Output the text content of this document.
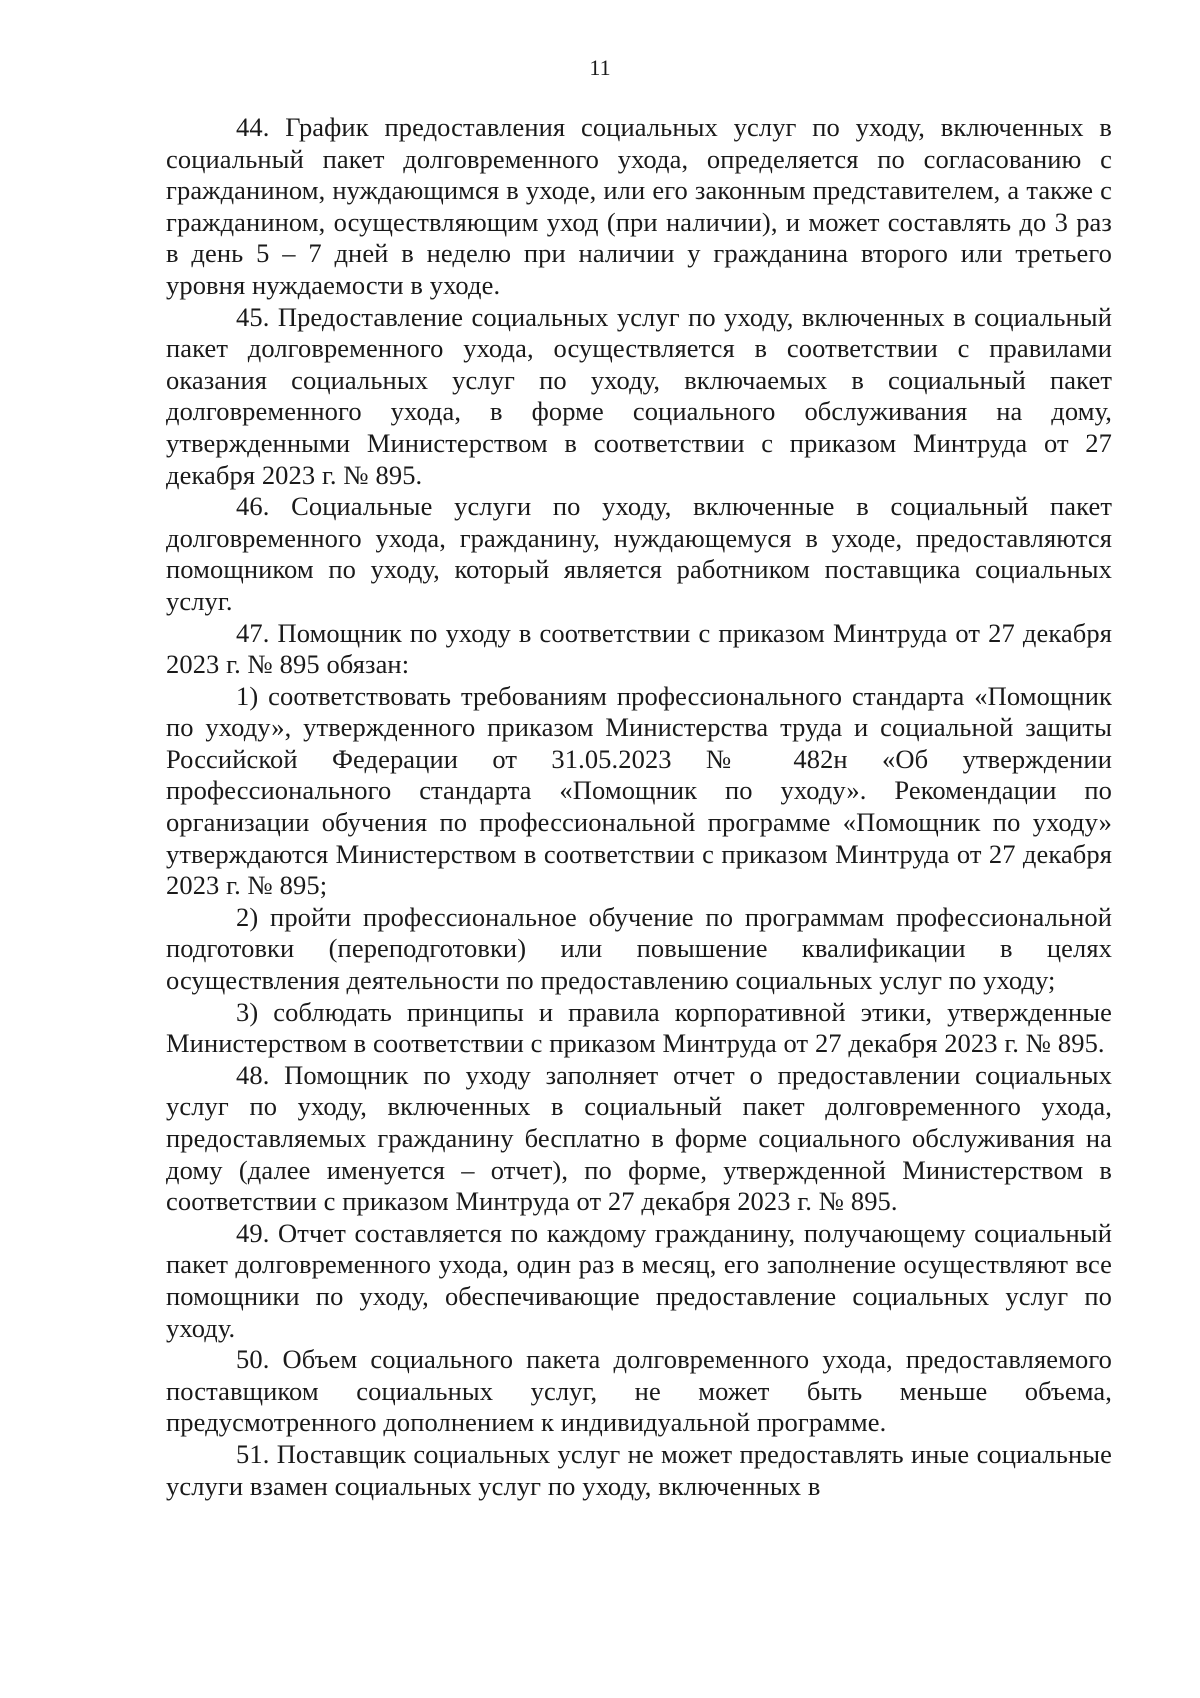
11

44. График предоставления социальных услуг по уходу, включенных в социальный пакет долговременного ухода, определяется по согласованию с гражданином, нуждающимся в уходе, или его законным представителем, а также с гражданином, осуществляющим уход (при наличии), и может составлять до 3 раз в день 5 – 7 дней в неделю при наличии у гражданина второго или третьего уровня нуждаемости в уходе.

45. Предоставление социальных услуг по уходу, включенных в социальный пакет долговременного ухода, осуществляется в соответствии с правилами оказания социальных услуг по уходу, включаемых в социальный пакет долговременного ухода, в форме социального обслуживания на дому, утвержденными Министерством в соответствии с приказом Минтруда от 27 декабря 2023 г. № 895.

46. Социальные услуги по уходу, включенные в социальный пакет долговременного ухода, гражданину, нуждающемуся в уходе, предоставляются помощником по уходу, который является работником поставщика социальных услуг.

47. Помощник по уходу в соответствии с приказом Минтруда от 27 декабря 2023 г. № 895 обязан:

1) соответствовать требованиям профессионального стандарта «Помощник по уходу», утвержденного приказом Министерства труда и социальной защиты Российской Федерации от 31.05.2023 № 482н «Об утверждении профессионального стандарта «Помощник по уходу». Рекомендации по организации обучения по профессиональной программе «Помощник по уходу» утверждаются Министерством в соответствии с приказом Минтруда от 27 декабря 2023 г. № 895;

2) пройти профессиональное обучение по программам профессиональной подготовки (переподготовки) или повышение квалификации в целях осуществления деятельности по предоставлению социальных услуг по уходу;

3) соблюдать принципы и правила корпоративной этики, утвержденные Министерством в соответствии с приказом Минтруда от 27 декабря 2023 г. № 895.

48. Помощник по уходу заполняет отчет о предоставлении социальных услуг по уходу, включенных в социальный пакет долговременного ухода, предоставляемых гражданину бесплатно в форме социального обслуживания на дому (далее именуется – отчет), по форме, утвержденной Министерством в соответствии с приказом Минтруда от 27 декабря 2023 г. № 895.

49. Отчет составляется по каждому гражданину, получающему социальный пакет долговременного ухода, один раз в месяц, его заполнение осуществляют все помощники по уходу, обеспечивающие предоставление социальных услуг по уходу.

50. Объем социального пакета долговременного ухода, предоставляемого поставщиком социальных услуг, не может быть меньше объема, предусмотренного дополнением к индивидуальной программе.

51. Поставщик социальных услуг не может предоставлять иные социальные услуги взамен социальных услуг по уходу, включенных в
